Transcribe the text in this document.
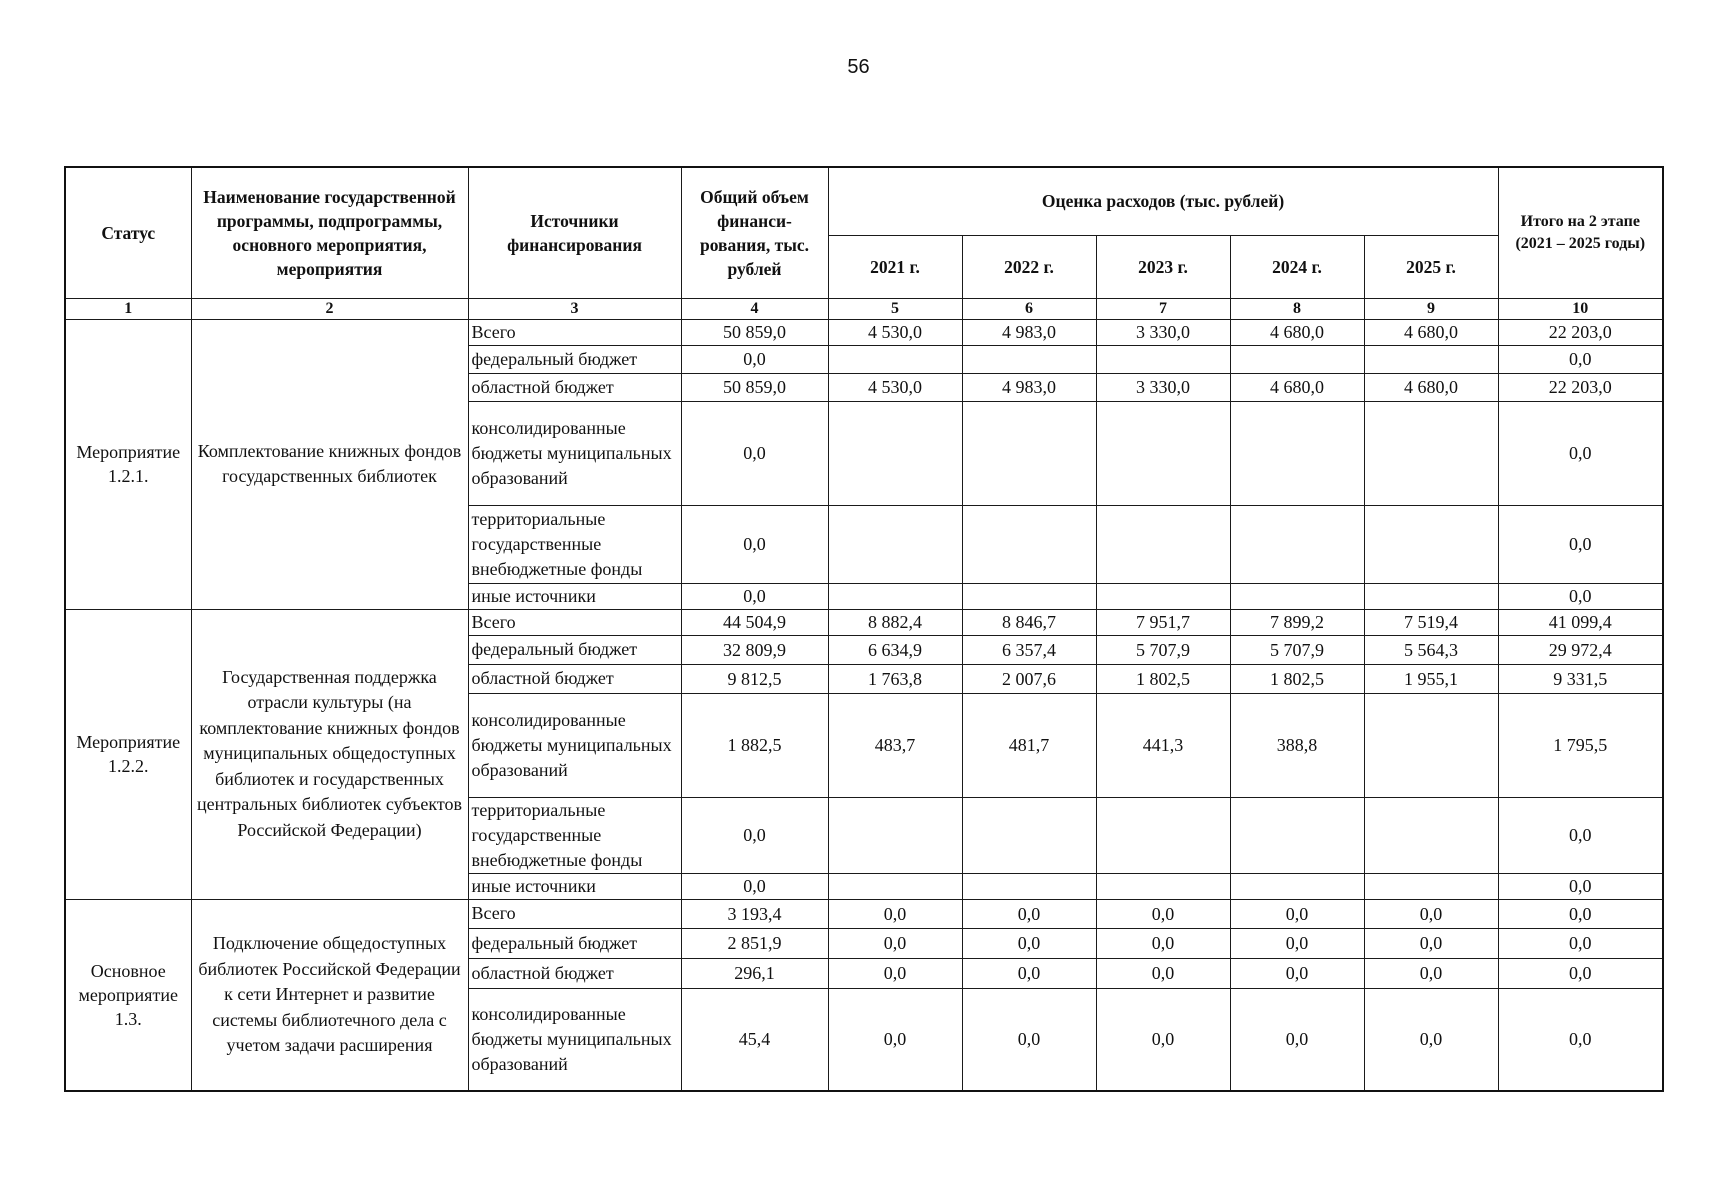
56
Статус	Наименование государственной программы, подпрограммы, основного мероприятия, мероприятия	Источники финансирования	Общий объем финанси-рования, тыс. рублей	Оценка расходов (тыс. рублей)					Итого на 2 этапе (2021 – 2025 годы)
				2021 г.	2022 г.	2023 г.	2024 г.	2025 г.	
1	2	3	4	5	6	7	8	9	10
Мероприятие 1.2.1.	Комплектование книжных фондов государственных библиотек	Всего	50 859,0	4 530,0	4 983,0	3 330,0	4 680,0	4 680,0	22 203,0
		федеральный бюджет	0,0						0,0
		областной бюджет	50 859,0	4 530,0	4 983,0	3 330,0	4 680,0	4 680,0	22 203,0
		консолидированные бюджеты муниципальных образований	0,0						0,0
		территориальные государственные внебюджетные фонды	0,0						0,0
		иные источники	0,0						0,0
Мероприятие 1.2.2.	Государственная поддержка отрасли культуры (на комплектование книжных фондов муниципальных общедоступных библиотек и государственных центральных библиотек субъектов Российской Федерации)	Всего	44 504,9	8 882,4	8 846,7	7 951,7	7 899,2	7 519,4	41 099,4
		федеральный бюджет	32 809,9	6 634,9	6 357,4	5 707,9	5 707,9	5 564,3	29 972,4
		областной бюджет	9 812,5	1 763,8	2 007,6	1 802,5	1 802,5	1 955,1	9 331,5
		консолидированные бюджеты муниципальных образований	1 882,5	483,7	481,7	441,3	388,8		1 795,5
		территориальные государственные внебюджетные фонды	0,0						0,0
		иные источники	0,0						0,0
Основное мероприятие 1.3.	Подключение общедоступных библиотек Российской Федерации к сети Интернет и развитие системы библиотечного дела с учетом задачи расширения	Всего	3 193,4	0,0	0,0	0,0	0,0	0,0	0,0
		федеральный бюджет	2 851,9	0,0	0,0	0,0	0,0	0,0	0,0
		областной бюджет	296,1	0,0	0,0	0,0	0,0	0,0	0,0
		консолидированные бюджеты муниципальных образований	45,4	0,0	0,0	0,0	0,0	0,0	0,0
